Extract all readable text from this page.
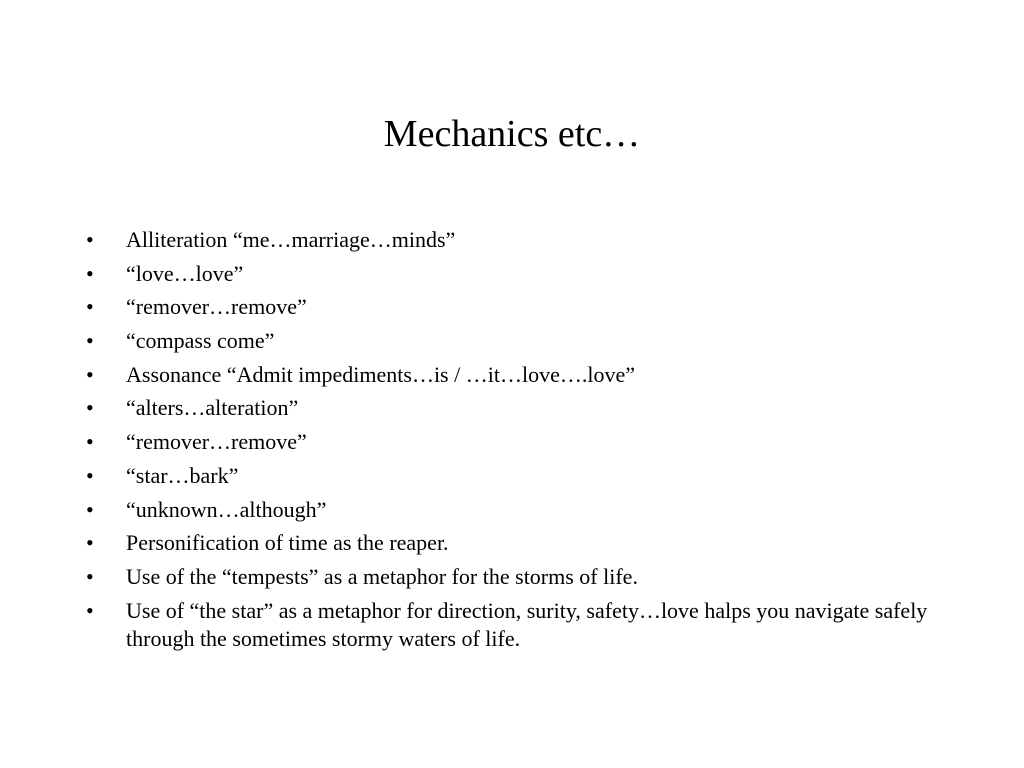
Mechanics etc…
•	Alliteration “me…marriage…minds”
•	“love…love”
•	“remover…remove”
•	“compass come”
•	Assonance “Admit impediments…is / …it…love….love”
•	“alters…alteration”
•	“remover…remove”
•	“star…bark”
•	“unknown…although”
•	Personification of time as the reaper.
•	Use of the “tempests” as a metaphor for the storms of life.
•	Use of “the star” as a metaphor for direction, surity, safety…love halps you navigate safely through the sometimes stormy waters of life.
